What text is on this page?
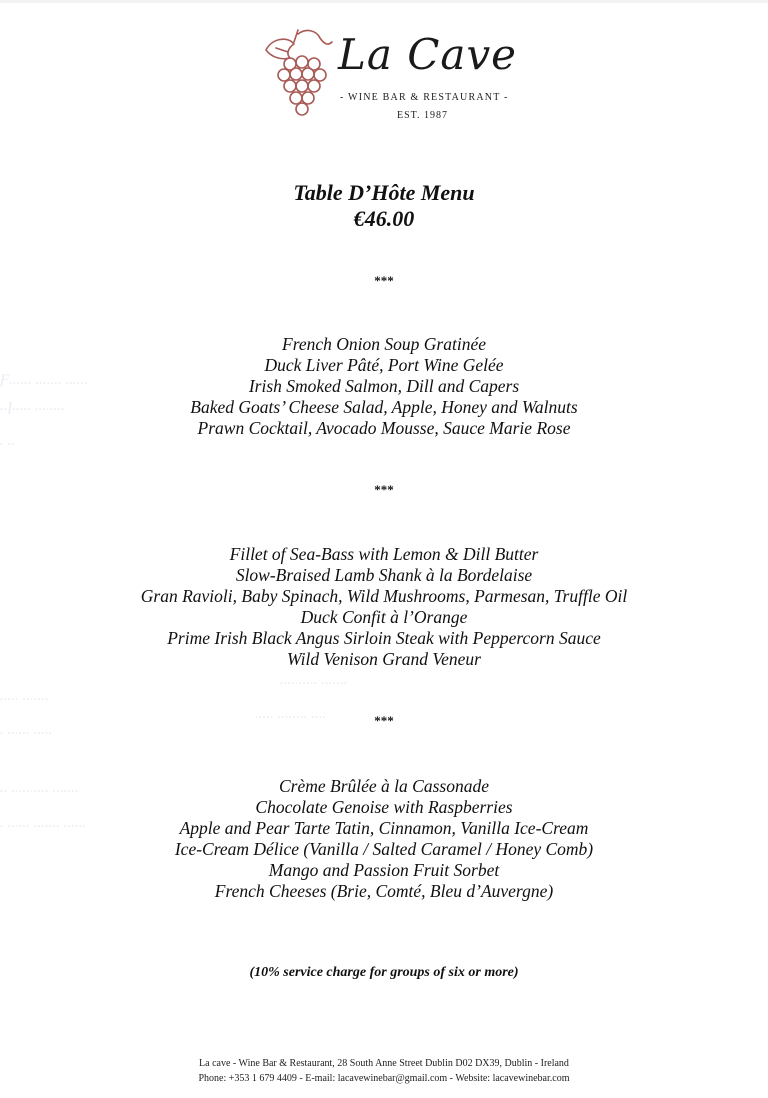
Ƒ...... ....... ......
..ꞁ..... ........
. ..
..... .......
. ...... .....
.. .......... .......
. ...... ....... ......
.......... .......
..... ........ ....
La Cave
- WINE BAR & RESTAURANT -
EST. 1987
Table D’Hôte Menu
€46.00
***
French Onion Soup Gratinée
Duck Liver Pâté, Port Wine Gelée
Irish Smoked Salmon, Dill and Capers
Baked Goats’ Cheese Salad, Apple, Honey and Walnuts
Prawn Cocktail, Avocado Mousse, Sauce Marie Rose
***
Fillet of Sea-Bass with Lemon & Dill Butter
Slow-Braised Lamb Shank à la Bordelaise
Gran Ravioli, Baby Spinach, Wild Mushrooms, Parmesan, Truffle Oil
Duck Confit à l’Orange
Prime Irish Black Angus Sirloin Steak with Peppercorn Sauce
Wild Venison Grand Veneur
***
Crème Brûlée à la Cassonade
Chocolate Genoise with Raspberries
Apple and Pear Tarte Tatin, Cinnamon, Vanilla Ice-Cream
Ice-Cream Délice (Vanilla / Salted Caramel / Honey Comb)
Mango and Passion Fruit Sorbet
French Cheeses (Brie, Comté, Bleu d’Auvergne)
(10% service charge for groups of six or more)
La cave - Wine Bar & Restaurant, 28 South Anne Street Dublin D02 DX39, Dublin - Ireland
Phone: +353 1 679 4409 - E-mail: lacavewinebar@gmail.com - Website: lacavewinebar.com
